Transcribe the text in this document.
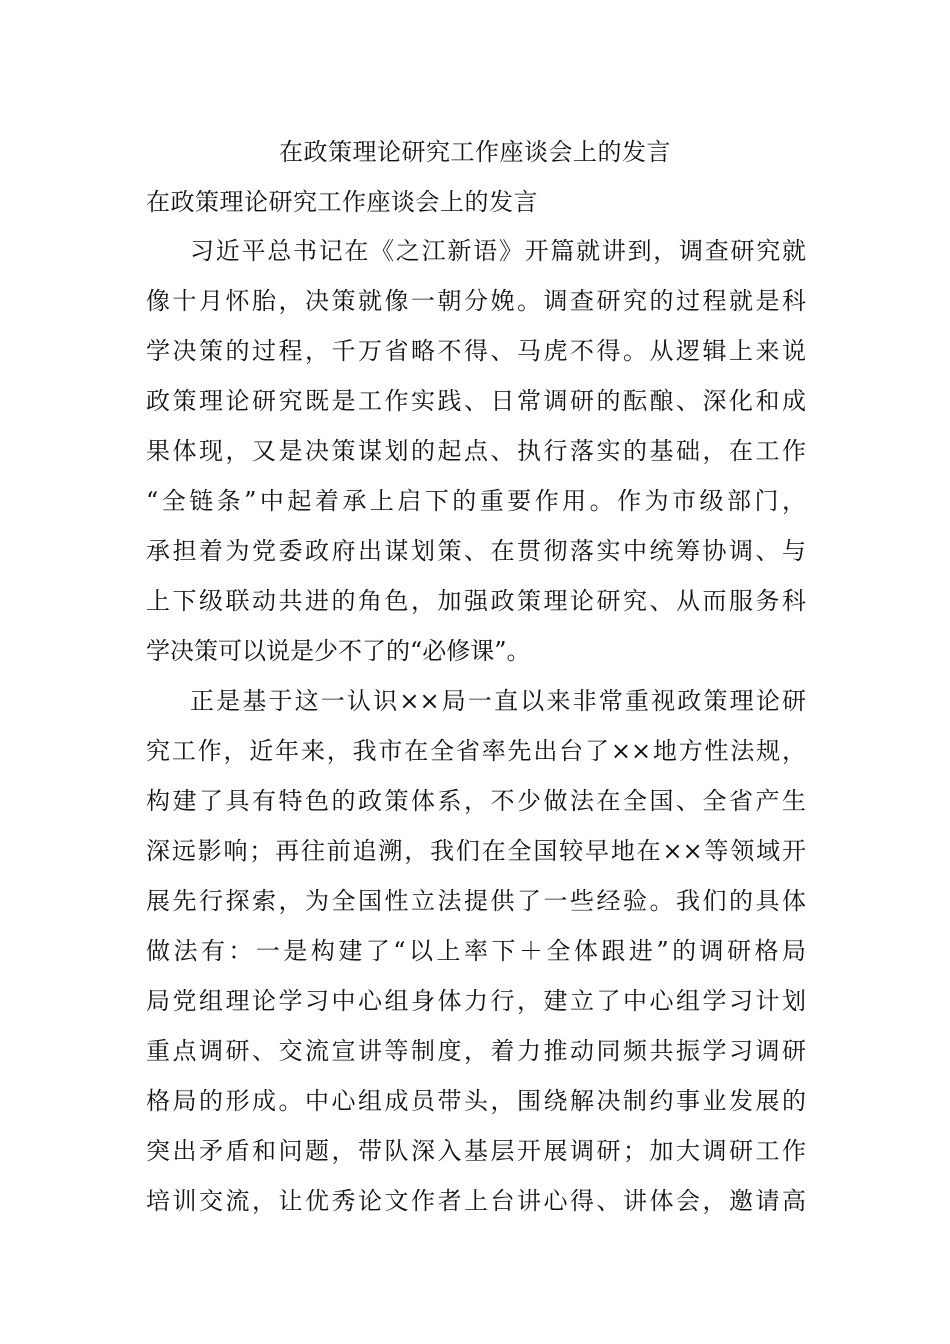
在政策理论研究工作座谈会上的发言
在政策理论研究工作座谈会上的发言

习近平总书记在《之江新语》开篇就讲到，调查研究就
像十月怀胎，决策就像一朝分娩。调查研究的过程就是科
学决策的过程，千万省略不得、马虎不得。从逻辑上来说
政策理论研究既是工作实践、日常调研的酝酿、深化和成
果体现，又是决策谋划的起点、执行落实的基础，在工作
“全链条”中起着承上启下的重要作用。作为市级部门，
承担着为党委政府出谋划策、在贯彻落实中统筹协调、与
上下级联动共进的角色，加强政策理论研究、从而服务科
学决策可以说是少不了的“必修课”。

正是基于这一认识××局一直以来非常重视政策理论研
究工作，近年来，我市在全省率先出台了××地方性法规，
构建了具有特色的政策体系，不少做法在全国、全省产生
深远影响；再往前追溯，我们在全国较早地在××等领域开
展先行探索，为全国性立法提供了一些经验。我们的具体
做法有：一是构建了“以上率下＋全体跟进”的调研格局
局党组理论学习中心组身体力行，建立了中心组学习计划
重点调研、交流宣讲等制度，着力推动同频共振学习调研
格局的形成。中心组成员带头，围绕解决制约事业发展的
突出矛盾和问题，带队深入基层开展调研；加大调研工作
培训交流，让优秀论文作者上台讲心得、讲体会，邀请高
